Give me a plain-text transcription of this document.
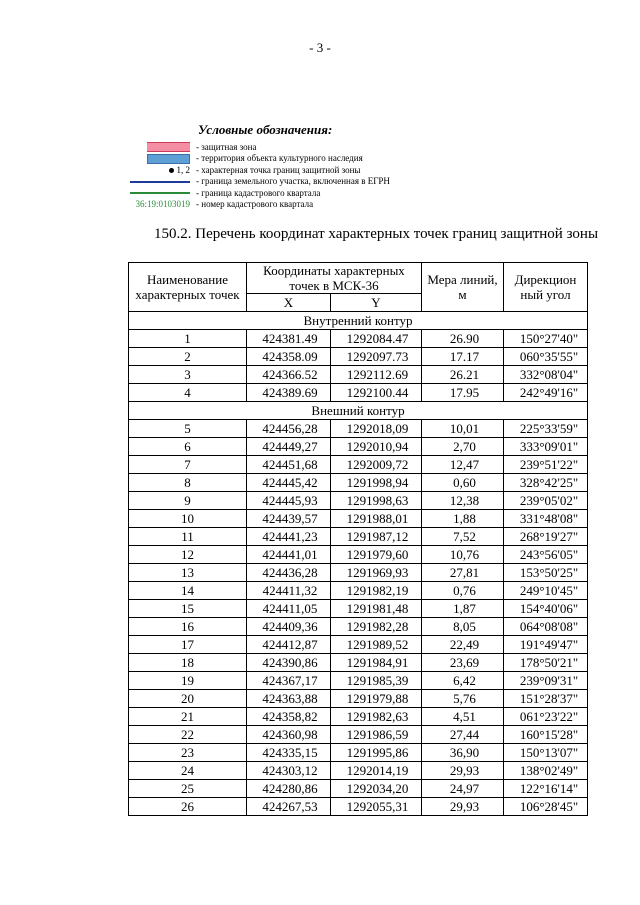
- 3 -
Условные обозначения:
- защитная зона
- территория объекта культурного наследия
1, 2 - характерная точка границ защитной зоны
- граница земельного участка, включенная в ЕГРН
- граница кадастрового квартала
36:19:0103019 - номер кадастрового квартала
150.2. Перечень координат характерных точек границ защитной зоны
Наименование характерных точек	Координаты характерных точек в МСК-36		Мера линий, м	Дирекцион ный угол
	X	Y		
Внутренний контур				
1	424381.49	1292084.47	26.90	150°27'40"
2	424358.09	1292097.73	17.17	060°35'55"
3	424366.52	1292112.69	26.21	332°08'04"
4	424389.69	1292100.44	17.95	242°49'16"
Внешний контур				
5	424456,28	1292018,09	10,01	225°33'59"
6	424449,27	1292010,94	2,70	333°09'01"
7	424451,68	1292009,72	12,47	239°51'22"
8	424445,42	1291998,94	0,60	328°42'25"
9	424445,93	1291998,63	12,38	239°05'02"
10	424439,57	1291988,01	1,88	331°48'08"
11	424441,23	1291987,12	7,52	268°19'27"
12	424441,01	1291979,60	10,76	243°56'05"
13	424436,28	1291969,93	27,81	153°50'25"
14	424411,32	1291982,19	0,76	249°10'45"
15	424411,05	1291981,48	1,87	154°40'06"
16	424409,36	1291982,28	8,05	064°08'08"
17	424412,87	1291989,52	22,49	191°49'47"
18	424390,86	1291984,91	23,69	178°50'21"
19	424367,17	1291985,39	6,42	239°09'31"
20	424363,88	1291979,88	5,76	151°28'37"
21	424358,82	1291982,63	4,51	061°23'22"
22	424360,98	1291986,59	27,44	160°15'28"
23	424335,15	1291995,86	36,90	150°13'07"
24	424303,12	1292014,19	29,93	138°02'49"
25	424280,86	1292034,20	24,97	122°16'14"
26	424267,53	1292055,31	29,93	106°28'45"
